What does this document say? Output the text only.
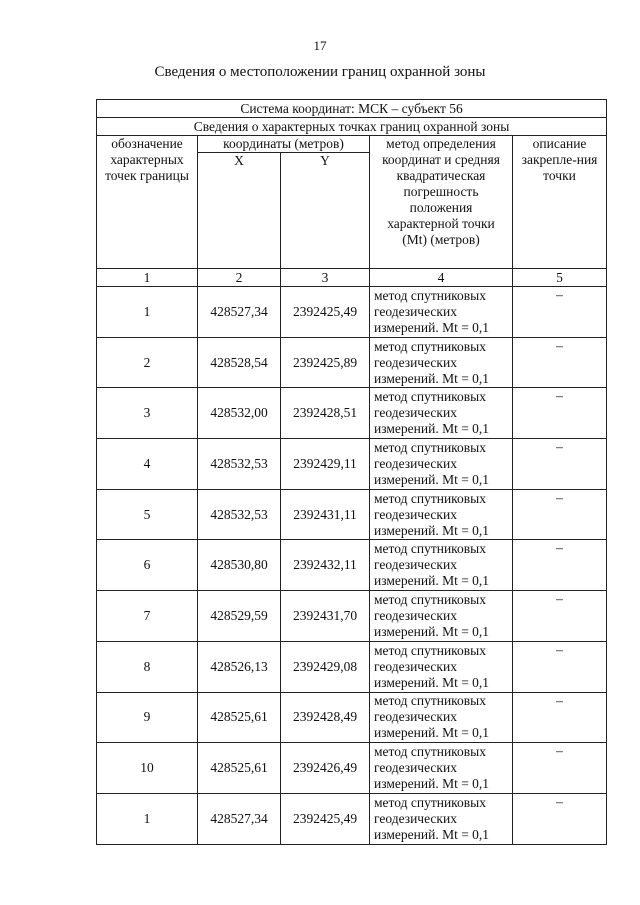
17
Сведения о местоположении границ охранной зоны
Система координат: МСК – субъект 56				
Сведения о характерных точках границ охранной зоны				
обозначение характерных точек границы	координаты (метров)		метод определения координат и средняя квадратическая погрешность положения характерной точки (Mt) (метров)	описание закрепле-ния точки
	X	Y		
1	2	3	4	5
1	428527,34	2392425,49	метод спутниковых геодезических измерений. Mt = 0,1	–
2	428528,54	2392425,89	метод спутниковых геодезических измерений. Mt = 0,1	–
3	428532,00	2392428,51	метод спутниковых геодезических измерений. Mt = 0,1	–
4	428532,53	2392429,11	метод спутниковых геодезических измерений. Mt = 0,1	–
5	428532,53	2392431,11	метод спутниковых геодезических измерений. Mt = 0,1	–
6	428530,80	2392432,11	метод спутниковых геодезических измерений. Mt = 0,1	–
7	428529,59	2392431,70	метод спутниковых геодезических измерений. Mt = 0,1	–
8	428526,13	2392429,08	метод спутниковых геодезических измерений. Mt = 0,1	–
9	428525,61	2392428,49	метод спутниковых геодезических измерений. Mt = 0,1	–
10	428525,61	2392426,49	метод спутниковых геодезических измерений. Mt = 0,1	–
1	428527,34	2392425,49	метод спутниковых геодезических измерений. Mt = 0,1	–
